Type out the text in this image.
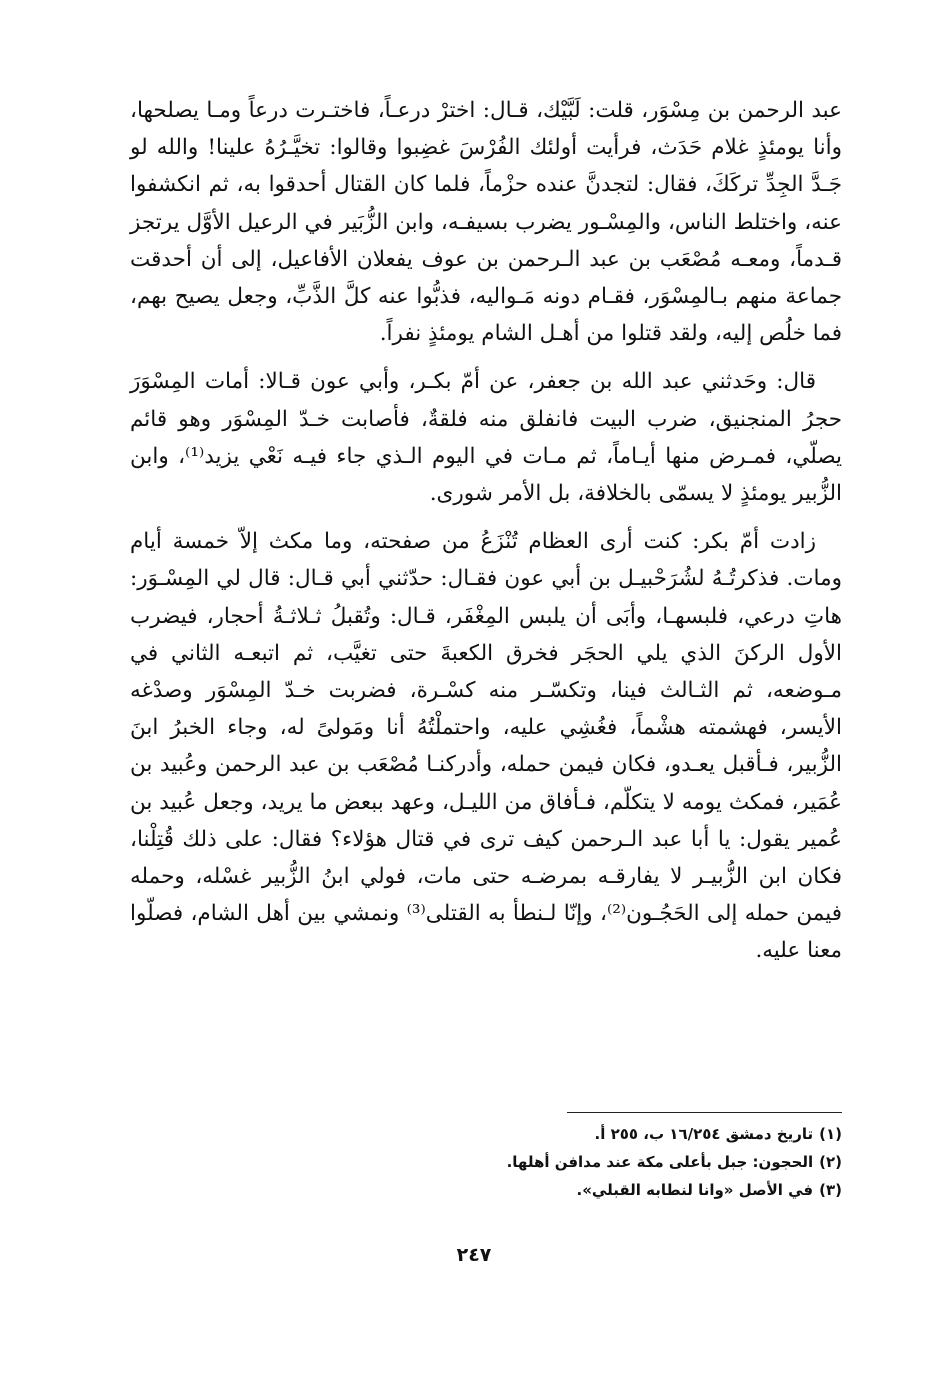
عبد الرحمن بن مِسْوَر، قلت: لَبَّيْك، قـال: اخترْ درعـاً، فاختـرت درعاً ومـا يصلحها، وأنا يومئذٍ غلام حَدَث، فرأيت أولئك الفُرْسَ غضِبوا وقالوا: تخيَّـرُهُ علينا! والله لو جَـدَّ الجِدِّ تركَكَ، فقال: لتجدنَّ عنده حزْماً، فلما كان القتال أحدقوا به، ثم انكشفوا عنه، واختلط الناس، والمِسْـور يضرب بسيفـه، وابن الزُّبَير في الرعيل الأوَّل يرتجز قـدماً، ومعـه مُصْعَب بن عبد الـرحمن بن عوف يفعلان الأفاعيل، إلى أن أحدقت جماعة منهم بـالمِسْوَر، فقـام دونه مَـواليه، فذبُّوا عنه كلَّ الذَّبِّ، وجعل يصيح بهم، فما خلُص إليه، ولقد قتلوا من أهـل الشام يومئذٍ نفراً.

قال: وحَدثني عبد الله بن جعفر، عن أمّ بكـر، وأبي عون قـالا: أمات المِسْوَرَ حجرُ المنجنيق، ضرب البيت فانفلق منه فلقةٌ، فأصابت خـدّ المِسْوَر وهو قائم يصلّي، فمـرض منها أيـاماً، ثم مـات في اليوم الـذي جاء فيـه نَعْي يزيد⁽¹⁾، وابن الزُّبير يومئذٍ لا يسمّى بالخلافة، بل الأمر شورى.

زادت أمّ بكر: كنت أرى العظام تُنْزَعُ من صفحته، وما مكث إلاّ خمسة أيام ومات. فذكرتُـهُ لشُرَحْبيـل بن أبي عون فقـال: حدّثني أبي قـال: قال لي المِسْـوَر: هاتِ درعي، فلبسهـا، وأبَى أن يلبس المِغْفَر، قـال: وتُقبلُ ثـلاثـةُ أحجار، فيضرب الأول الركنَ الذي يلي الحجَر فخرق الكعبةَ حتى تغيَّب، ثم اتبعـه الثاني في مـوضعه، ثم الثـالث فينا، وتكسّـر منه كسْـرة، فضربت خـدّ المِسْوَر وصدْغه الأيسر، فهشمته هشْماً، فغُشِي عليه، واحتملْتُهُ أنا ومَولىً له، وجاء الخبرُ ابنَ الزُّبير، فـأقبل يعـدو، فكان فيمن حمله، وأدركنـا مُصْعَب بن عبد الرحمن وعُبيد بن عُمَير، فمكث يومه لا يتكلّم، فـأفاق من الليـل، وعهد ببعض ما يريد، وجعل عُبيد بن عُمير يقول: يا أبا عبد الـرحمن كيف ترى في قتال هؤلاء؟ فقال: على ذلك قُتِلْنا، فكان ابن الزُّبيـر لا يفارقـه بمرضـه حتى مات، فولي ابنُ الزُّبير غسْله، وحمله فيمن حمله إلى الحَجُـون⁽²⁾، وإنّا لـنطأ به القتلى⁽³⁾ ونمشي بين أهل الشام، فصلّوا معنا عليه.

(١)تاريخ دمشق ١٦/٢٥٤ ب، ٢٥٥ أ.

(٢)الحجون: جبل بأعلى مكة عند مدافن أهلها.

(٣)في الأصل «وانا لنطابه القبلي».

٢٤٧
